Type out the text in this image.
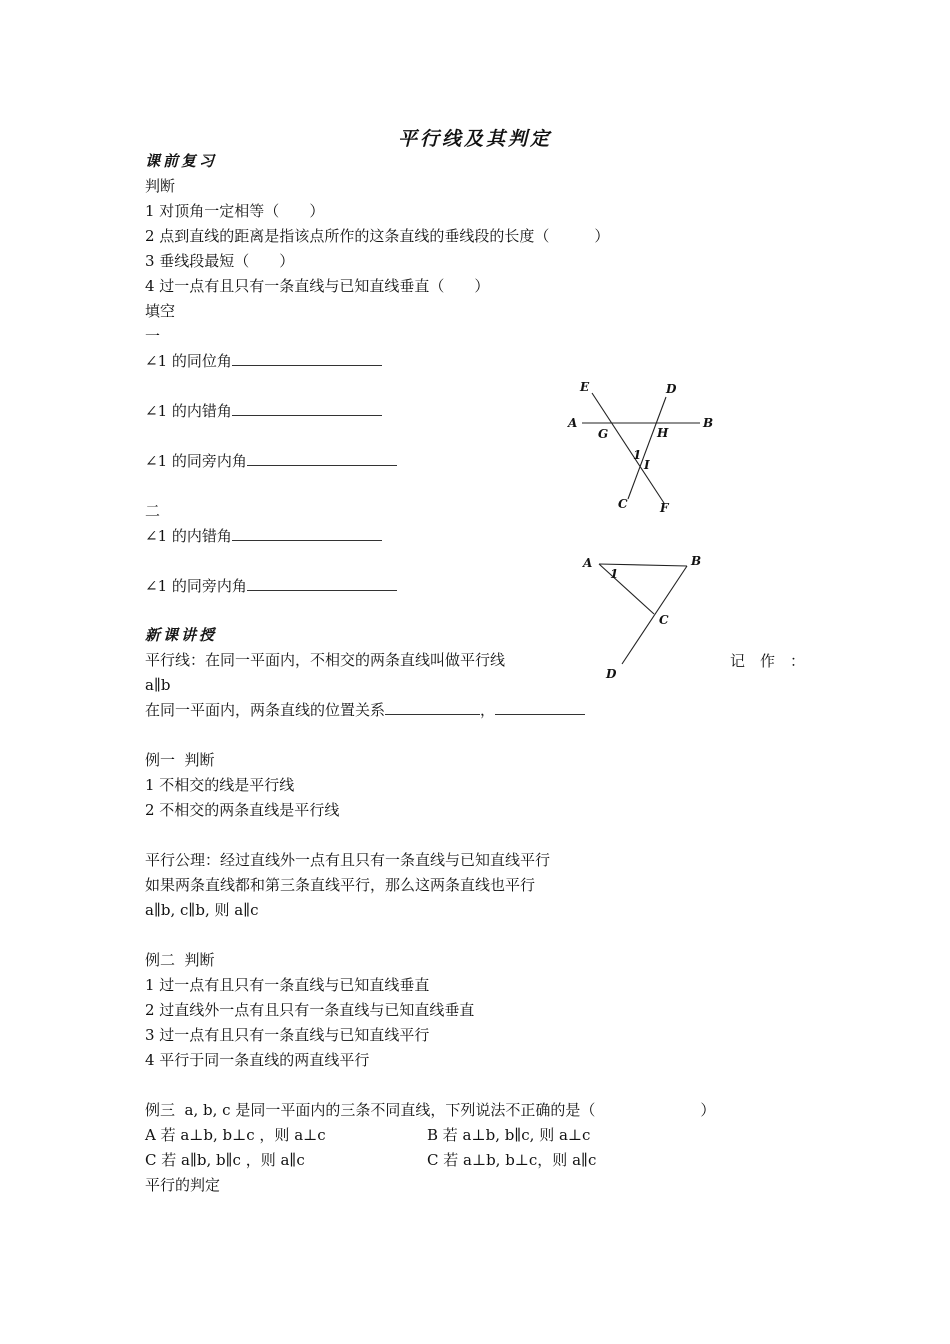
平行线及其判定
课前复习
判断
1 对顶角一定相等（　　）
2 点到直线的距离是指该点所作的这条直线的垂线段的长度（　　　）
3 垂线段最短（　　）
4 过一点有且只有一条直线与已知直线垂直（　　）
填空
一
∠1 的同位角
∠1 的内错角
∠1 的同旁内角
二
∠1 的内错角
∠1 的同旁内角
E	D
A	B
G	H
1
I
C	F
A	B
1
C
D
新课讲授
平行线：在同一平面内，不相交的两条直线叫做平行线	记　作　：
a∥b
在同一平面内，两条直线的位置关系	，
例一  判断
1 不相交的线是平行线
2 不相交的两条直线是平行线
平行公理：经过直线外一点有且只有一条直线与已知直线平行
如果两条直线都和第三条直线平行，那么这两条直线也平行
a∥b, c∥b, 则 a∥c
例二  判断
1 过一点有且只有一条直线与已知直线垂直
2 过直线外一点有且只有一条直线与已知直线垂直
3 过一点有且只有一条直线与已知直线平行
4 平行于同一条直线的两直线平行
例三  a, b, c 是同一平面内的三条不同直线，下列说法不正确的是（　　　　　　　）
A 若 a⊥b, b⊥c ，则 a⊥c	B 若 a⊥b, b∥c, 则 a⊥c
C 若 a∥b, b∥c ，则 a∥c	C 若 a⊥b, b⊥c，则 a∥c
平行的判定
